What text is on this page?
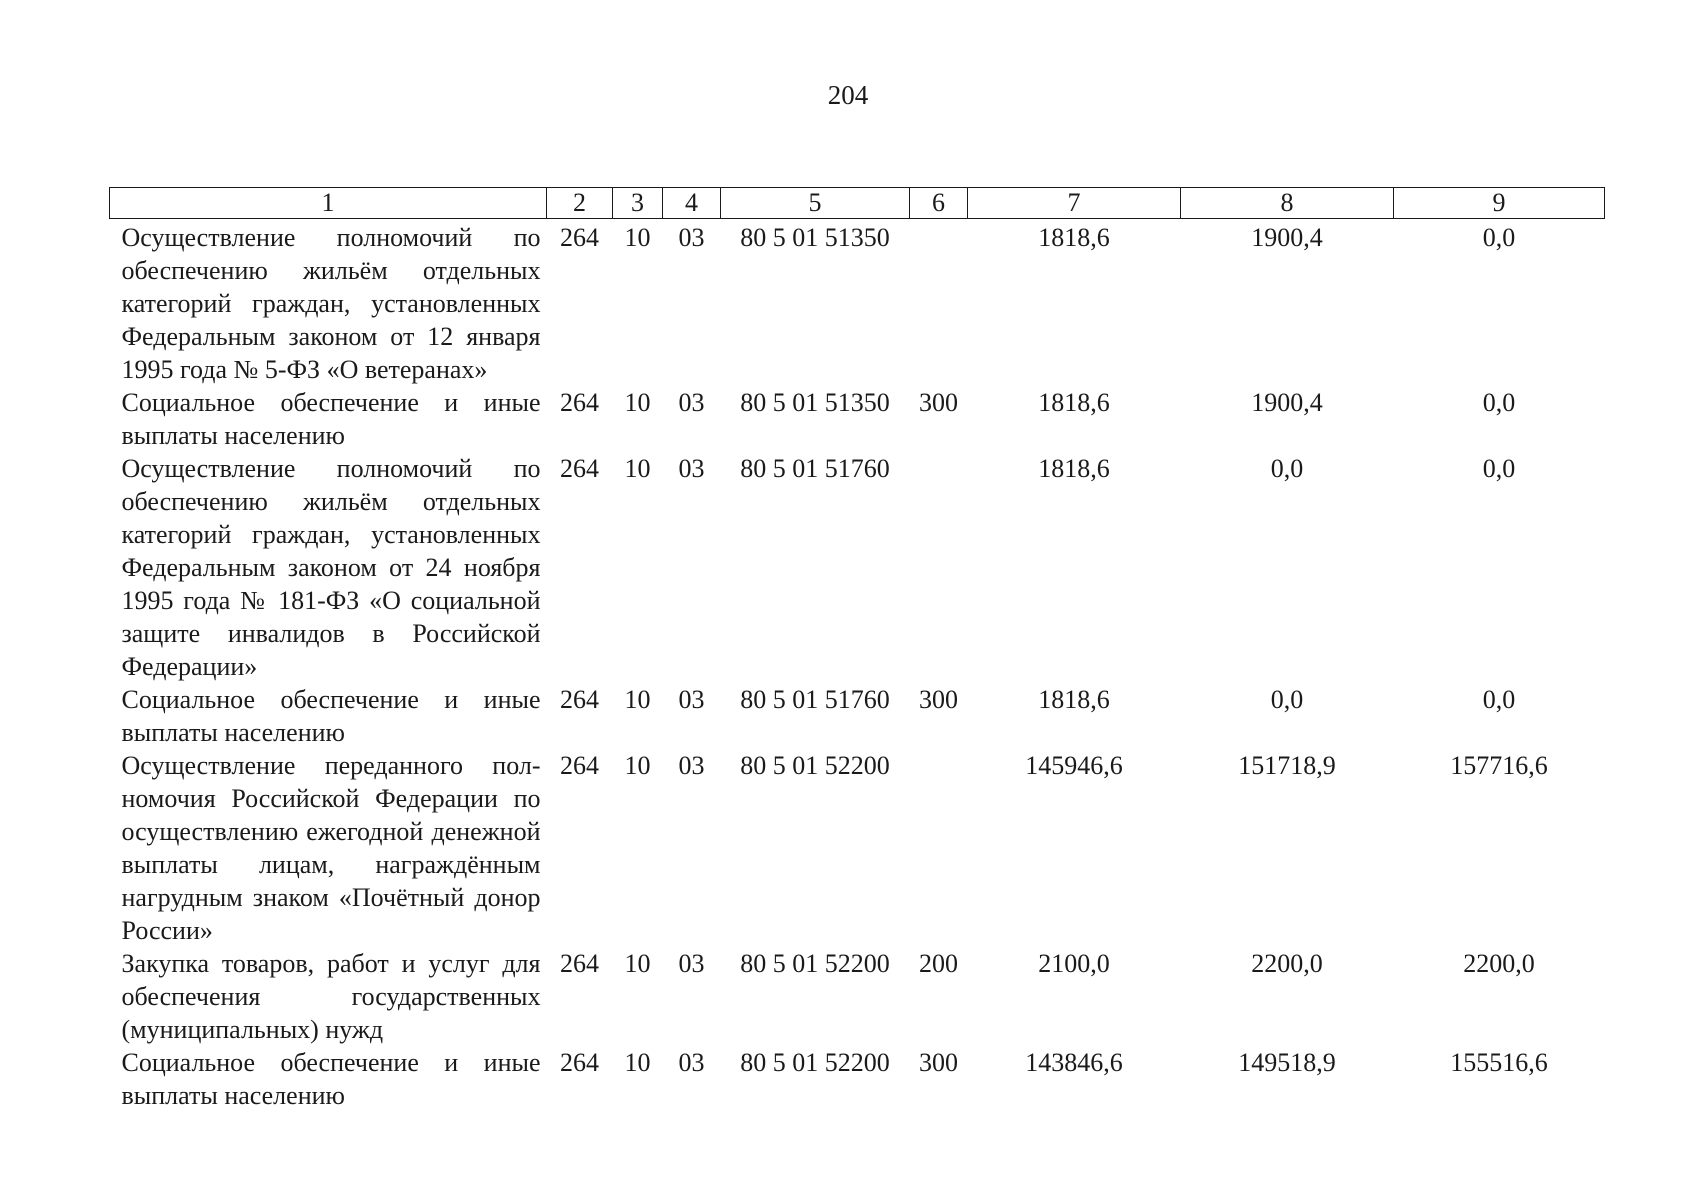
204
1	2	3	4	5	6	7	8	9
Осуществление полномочий по обеспечению жильём отдельных категорий граждан, установленных Федеральным законом от 12 января 1995 года № 5-ФЗ «О ветеранах»	264	10	03	80 5 01 51350		1818,6	1900,4	0,0
Социальное обеспечение и иные выплаты населению	264	10	03	80 5 01 51350	300	1818,6	1900,4	0,0
Осуществление полномочий по обеспечению жильём отдельных категорий граждан, установленных Федеральным законом от 24 ноября 1995 года № 181-ФЗ «О социальной защите инвалидов в Российской Федерации»	264	10	03	80 5 01 51760		1818,6	0,0	0,0
Социальное обеспечение и иные выплаты населению	264	10	03	80 5 01 51760	300	1818,6	0,0	0,0
Осуществление переданного полномочия Российской Федерации по осуществлению ежегодной денежной выплаты лицам, награждённым нагрудным знаком «Почётный донор России»	264	10	03	80 5 01 52200		145946,6	151718,9	157716,6
Закупка товаров, работ и услуг для обеспечения государственных (муниципальных) нужд	264	10	03	80 5 01 52200	200	2100,0	2200,0	2200,0
Социальное обеспечение и иные выплаты населению	264	10	03	80 5 01 52200	300	143846,6	149518,9	155516,6
